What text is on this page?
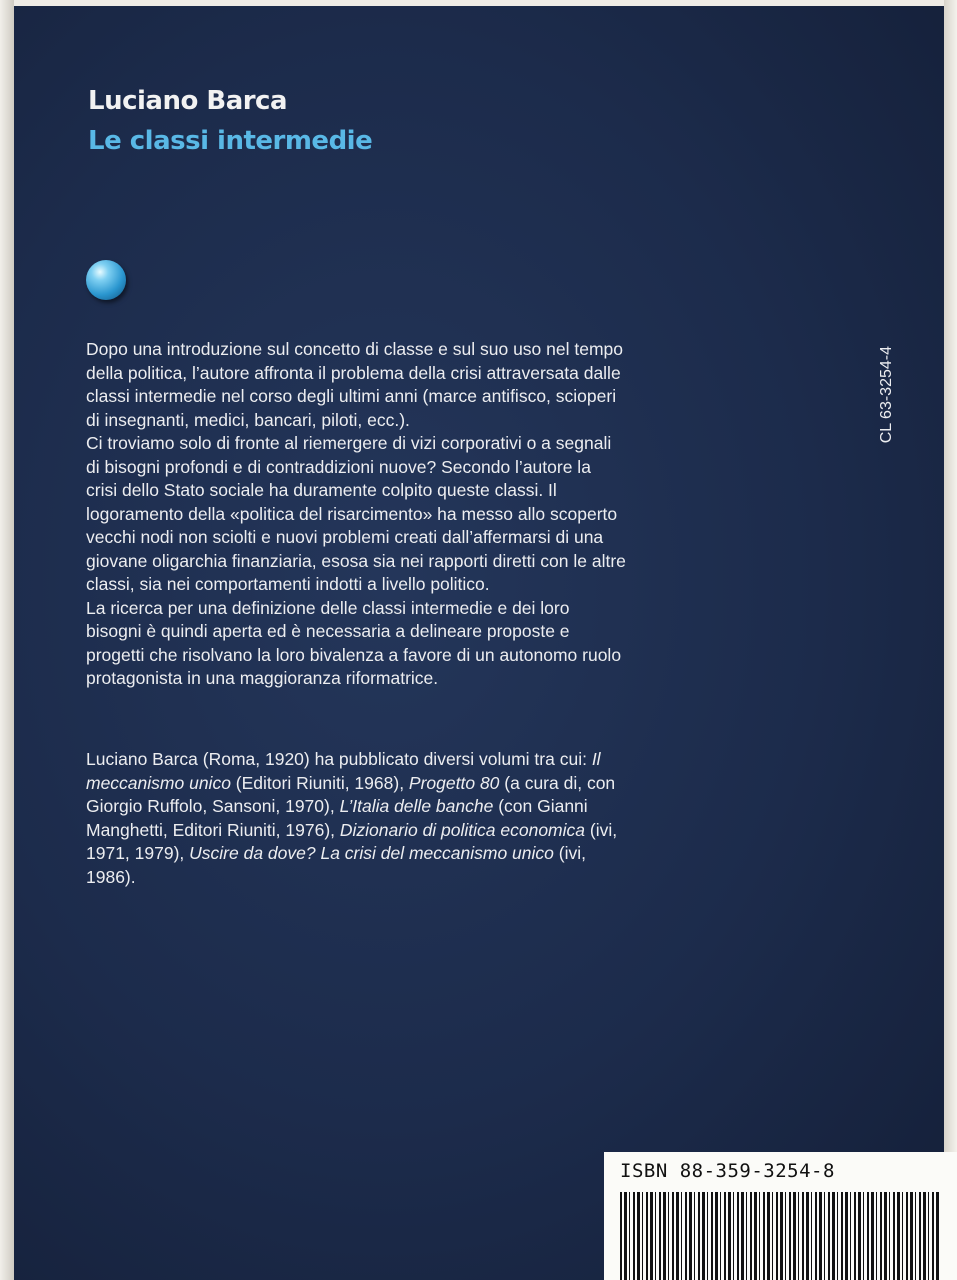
Luciano Barca
Le classi intermedie
Dopo una introduzione sul concetto di classe e sul suo uso nel tempo della politica, l’autore affronta il problema della crisi attraversata dalle classi intermedie nel corso degli ultimi anni (marce antifisco, scioperi di insegnanti, medici, bancari, piloti, ecc.).
Ci troviamo solo di fronte al riemergere di vizi corporativi o a segnali di bisogni profondi e di contraddizioni nuove? Secondo l’autore la crisi dello Stato sociale ha duramente colpito queste classi. Il logoramento della «politica del risarcimento» ha messo allo scoperto vecchi nodi non sciolti e nuovi problemi creati dall’affermarsi di una giovane oligarchia finanziaria, esosa sia nei rapporti diretti con le altre classi, sia nei comportamenti indotti a livello politico.
La ricerca per una definizione delle classi intermedie e dei loro bisogni è quindi aperta ed è necessaria a delineare proposte e progetti che risolvano la loro bivalenza a favore di un autonomo ruolo protagonista in una maggioranza riformatrice.

Luciano Barca (Roma, 1920) ha pubblicato diversi volumi tra cui: Il meccanismo unico (Editori Riuniti, 1968), Progetto 80 (a cura di, con Giorgio Ruffolo, Sansoni, 1970), L’Italia delle banche (con Gianni Manghetti, Editori Riuniti, 1976), Dizionario di politica economica (ivi, 1971, 1979), Uscire da dove? La crisi del meccanismo unico (ivi, 1986).

CL 63-3254-4
ISBN 88-359-3254-8
